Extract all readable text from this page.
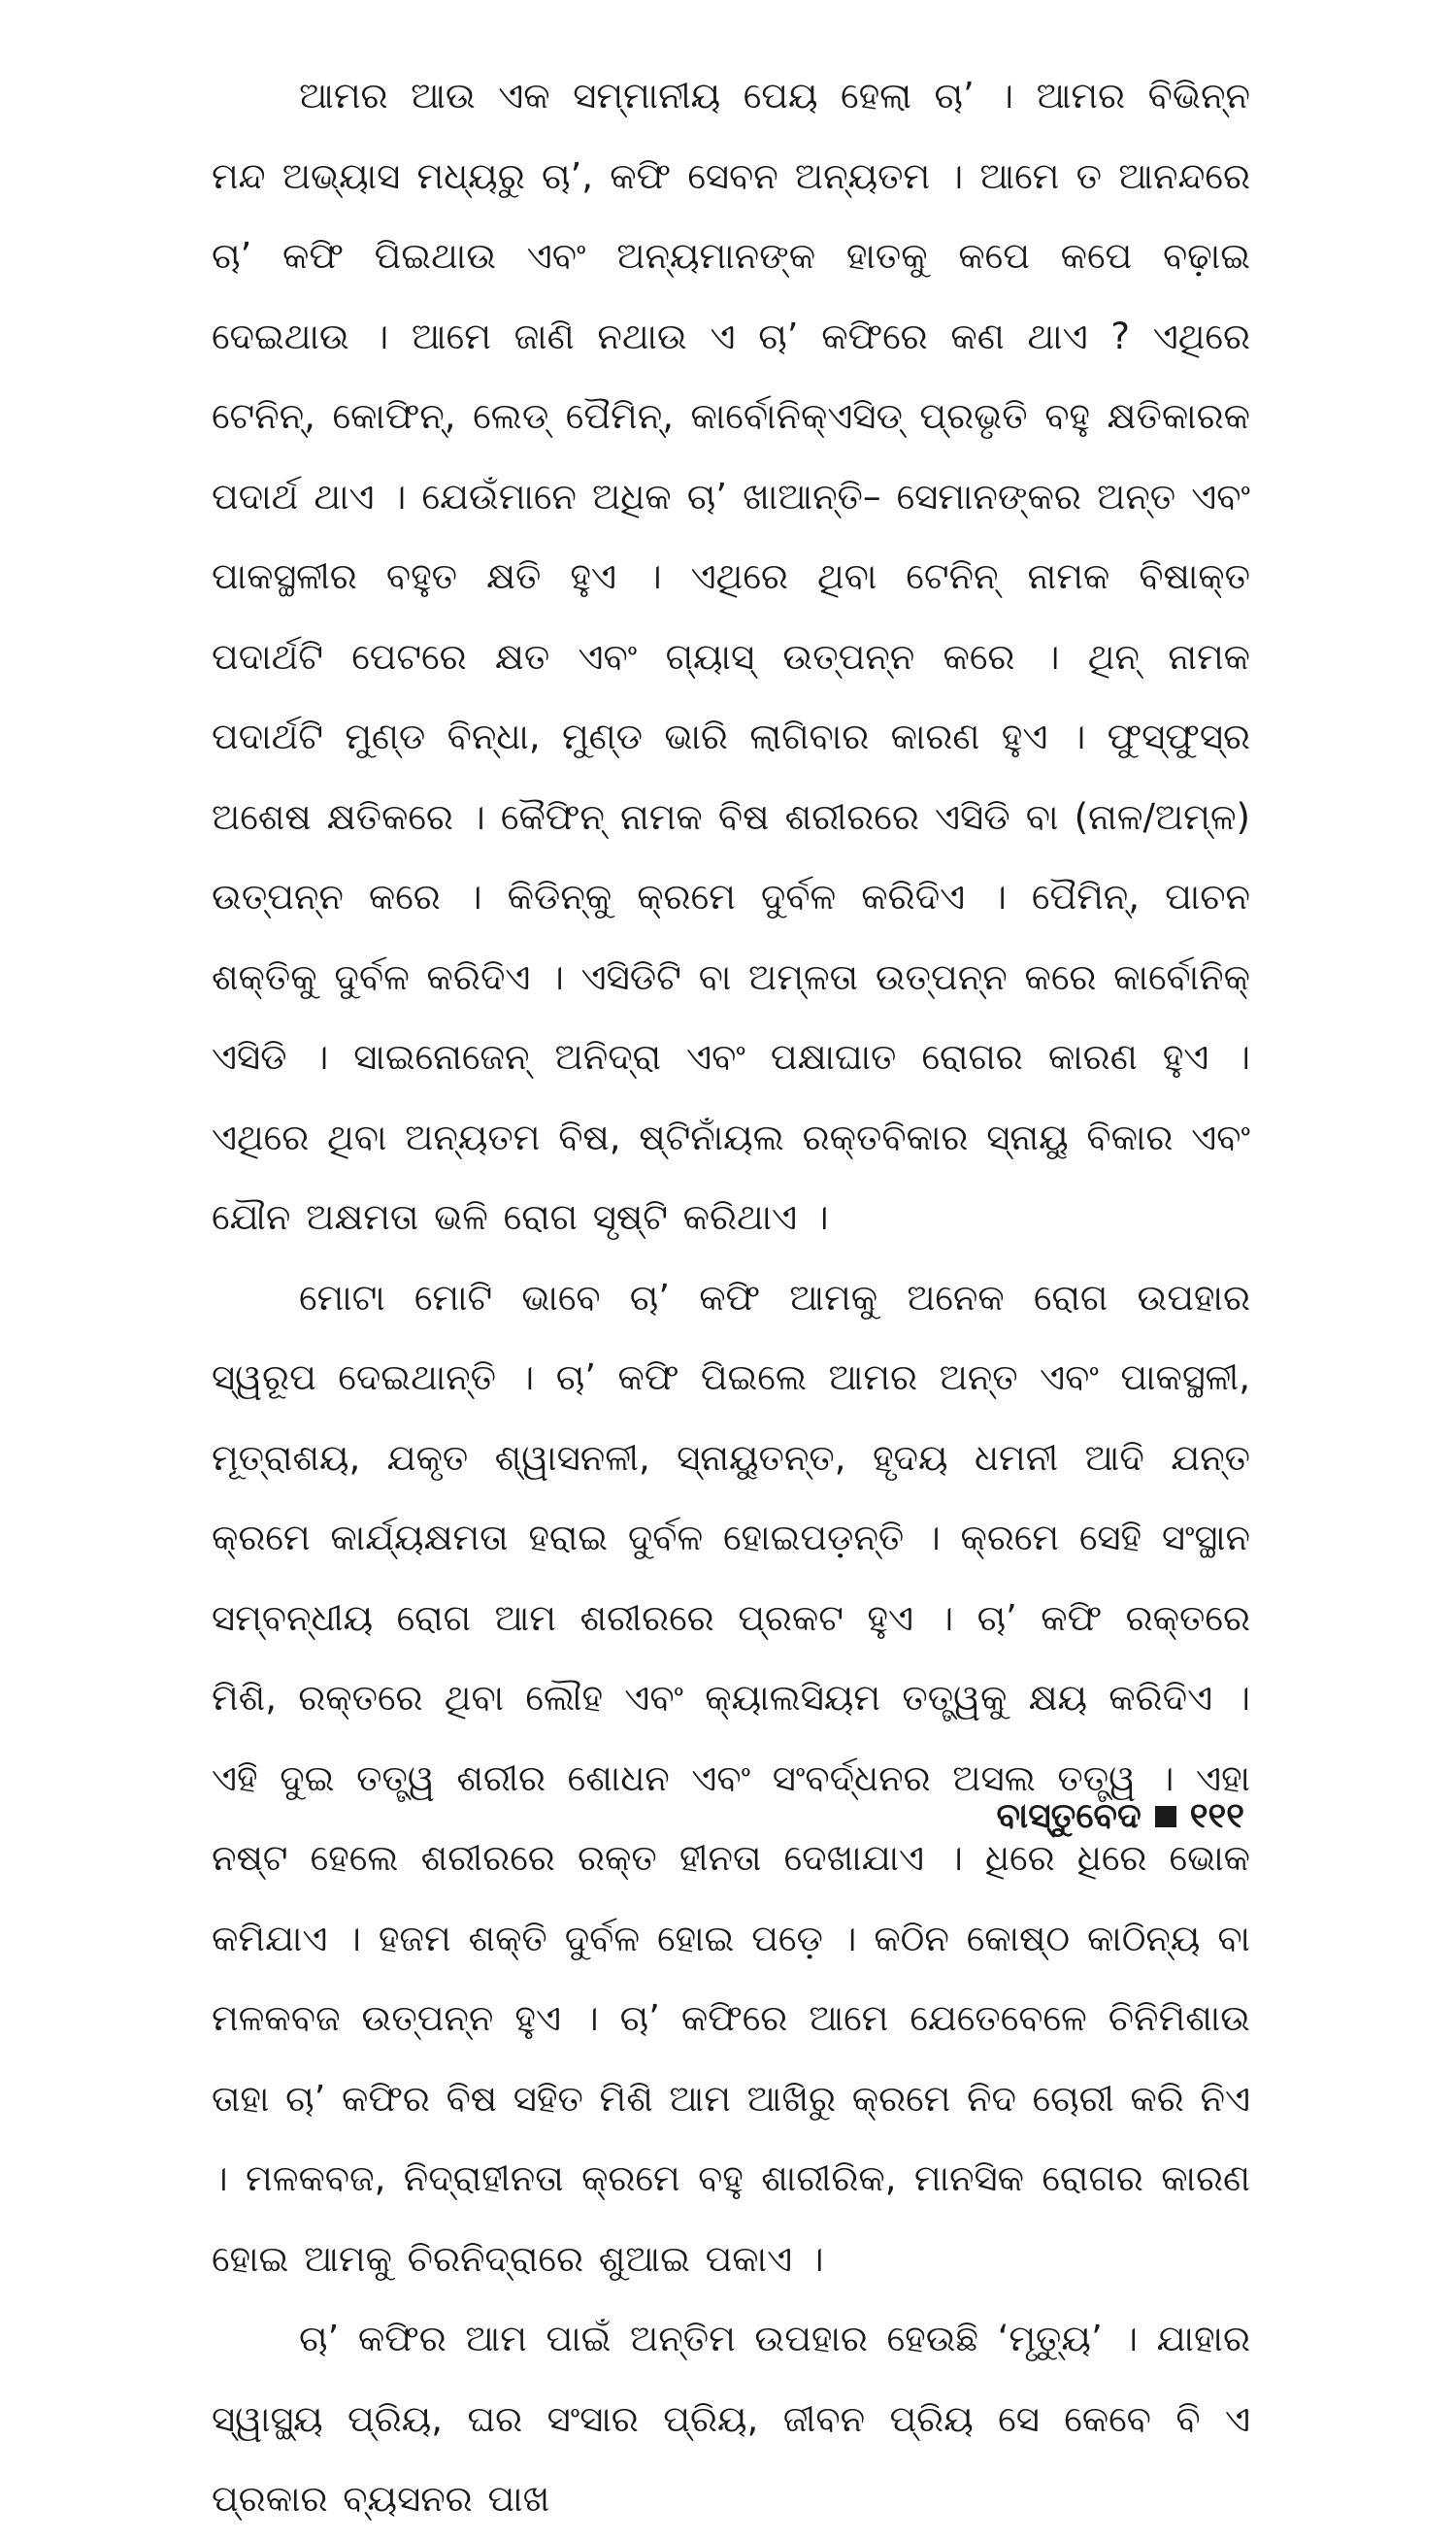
ଆମର ଆଉ ଏକ ସମ୍ମାନୀୟ ପେୟ ହେଲା ଚା’ । ଆମର ବିଭିନ୍ନ ମନ୍ଦ ଅଭ୍ୟାସ ମଧ୍ୟରୁ ଚା’, କଫି ସେବନ ଅନ୍ୟତମ । ଆମେ ତ ଆନନ୍ଦରେ ଚା’ କଫି ପିଇଥାଉ ଏବଂ ଅନ୍ୟମାନଙ୍କ ହାତକୁ କପେ କପେ ବଢ଼ାଇ ଦେଇଥାଉ । ଆମେ ଜାଣି ନଥାଉ ଏ ଚା’ କଫିରେ କଣ ଥାଏ ? ଏଥିରେ ଟେନିନ୍, କୋଫିନ୍, ଲେଡ୍ ପୈମିନ୍, କାର୍ବୋନିକ୍‌ଏସିଡ୍ ପ୍ରଭୃତି ବହୁ କ୍ଷତିକାରକ ପଦାର୍ଥ ଥାଏ । ଯେଉଁମାନେ ଅଧିକ ଚା’ ଖାଆନ୍ତି– ସେମାନଙ୍କର ଅନ୍ତ ଏବଂ ପାକସ୍ଥଳୀର ବହୁତ କ୍ଷତି ହୁଏ । ଏଥିରେ ଥିବା ଟେନିନ୍ ନାମକ ବିଷାକ୍ତ ପଦାର୍ଥଟି ପେଟରେ କ୍ଷତ ଏବଂ ଗ୍ୟାସ୍ ଉତ୍ପନ୍ନ କରେ । ଥିନ୍ ନାମକ ପଦାର୍ଥଟି ମୁଣ୍ଡ ବିନ୍ଧା, ମୁଣ୍ଡ ଭାରି ଲାଗିବାର କାରଣ ହୁଏ । ଫୁସ୍‌ଫୁସ୍‌ର ଅଶେଷ କ୍ଷତିକରେ । କୈଫିନ୍ ନାମକ ବିଷ ଶରୀରରେ ଏସିଡି ବା (ନାଳ/ଅମ୍ଳ) ଉତ୍ପନ୍ନ କରେ । କିଡିନ୍‌କୁ କ୍ରମେ ଦୁର୍ବଳ କରିଦିଏ । ପୈମିନ୍, ପାଚନ ଶକ୍ତିକୁ ଦୁର୍ବଳ କରିଦିଏ । ଏସିଡିଟି ବା ଅମ୍ଳତା ଉତ୍ପନ୍ନ କରେ କାର୍ବୋନିକ୍ ଏସିଡି । ସାଇନୋଜେନ୍ ଅନିଦ୍ରା ଏବଂ ପକ୍ଷାଘାତ ରୋଗର କାରଣ ହୁଏ । ଏଥିରେ ଥିବା ଅନ୍ୟତମ ବିଷ, ଷ୍ଟିନାଁୟଲ ରକ୍ତବିକାର ସ୍ନାୟୁ ବିକାର ଏବଂ ଯୌନ ଅକ୍ଷମତା ଭଳି ରୋଗ ସୃଷ୍ଟି କରିଥାଏ ।

ମୋଟା ମୋଟି ଭାବେ ଚା’ କଫି ଆମକୁ ଅନେକ ରୋଗ ଉପହାର ସ୍ୱରୂପ ଦେଇଥାନ୍ତି । ଚା’ କଫି ପିଇଲେ ଆମର ଅନ୍ତ ଏବଂ ପାକସ୍ଥଳୀ, ମୂତ୍ରାଶୟ, ଯକୃତ ଶ୍ୱାସନଳୀ, ସ୍ନାୟୁତନ୍ତ, ହୃଦୟ ଧମନୀ ଆଦି ଯନ୍ତ କ୍ରମେ କାର୍ଯ୍ୟକ୍ଷମତା ହରାଇ ଦୁର୍ବଳ ହୋଇପଡ଼ନ୍ତି । କ୍ରମେ ସେହି ସଂସ୍ଥାନ ସମ୍ବନ୍ଧୀୟ ରୋଗ ଆମ ଶରୀରରେ ପ୍ରକଟ ହୁଏ । ଚା’ କଫି ରକ୍ତରେ ମିଶି, ରକ୍ତରେ ଥିବା ଲୌହ ଏବଂ କ୍ୟାଲସିୟମ ତତ୍ତ୍ୱକୁ କ୍ଷୟ କରିଦିଏ । ଏହି ଦୁଇ ତତ୍ତ୍ୱ ଶରୀର ଶୋଧନ ଏବଂ ସଂବର୍ଦ୍ଧନର ଅସଲ ତତ୍ତ୍ୱ । ଏହା ନଷ୍ଟ ହେଲେ ଶରୀରରେ ରକ୍ତ ହୀନତା ଦେଖାଯାଏ । ଧିରେ ଧିରେ ଭୋକ କମିଯାଏ । ହଜମ ଶକ୍ତି ଦୁର୍ବଳ ହୋଇ ପଡ଼େ । କଠିନ କୋଷ୍ଠ କାଠିନ୍ୟ ବା ମଳକବଜ ଉତ୍ପନ୍ନ ହୁଏ । ଚା’ କଫିରେ ଆମେ ଯେତେବେଳେ ଚିନିମିଶାଉ ତାହା ଚା’ କଫିର ବିଷ ସହିତ ମିଶି ଆମ ଆଖିରୁ କ୍ରମେ ନିଦ ଚୋରୀ କରି ନିଏ । ମଳକବଜ, ନିଦ୍ରାହୀନତା କ୍ରମେ ବହୁ ଶାରୀରିକ, ମାନସିକ ରୋଗର କାରଣ ହୋଇ ଆମକୁ ଚିରନିଦ୍ରାରେ ଶୁଆଇ ପକାଏ ।

ଚା’ କଫିର ଆମ ପାଇଁ ଅନ୍ତିମ ଉପହାର ହେଉଛି ‘ମୃତ୍ୟୁ’ । ଯାହାର ସ୍ୱାସ୍ଥ୍ୟ ପ୍ରିୟ, ଘର ସଂସାର ପ୍ରିୟ, ଜୀବନ ପ୍ରିୟ ସେ କେବେ ବି ଏ ପ୍ରକାର ବ୍ୟସନର ପାଖ

ବାସ୍ତୁବେଦ ୧୧୧
